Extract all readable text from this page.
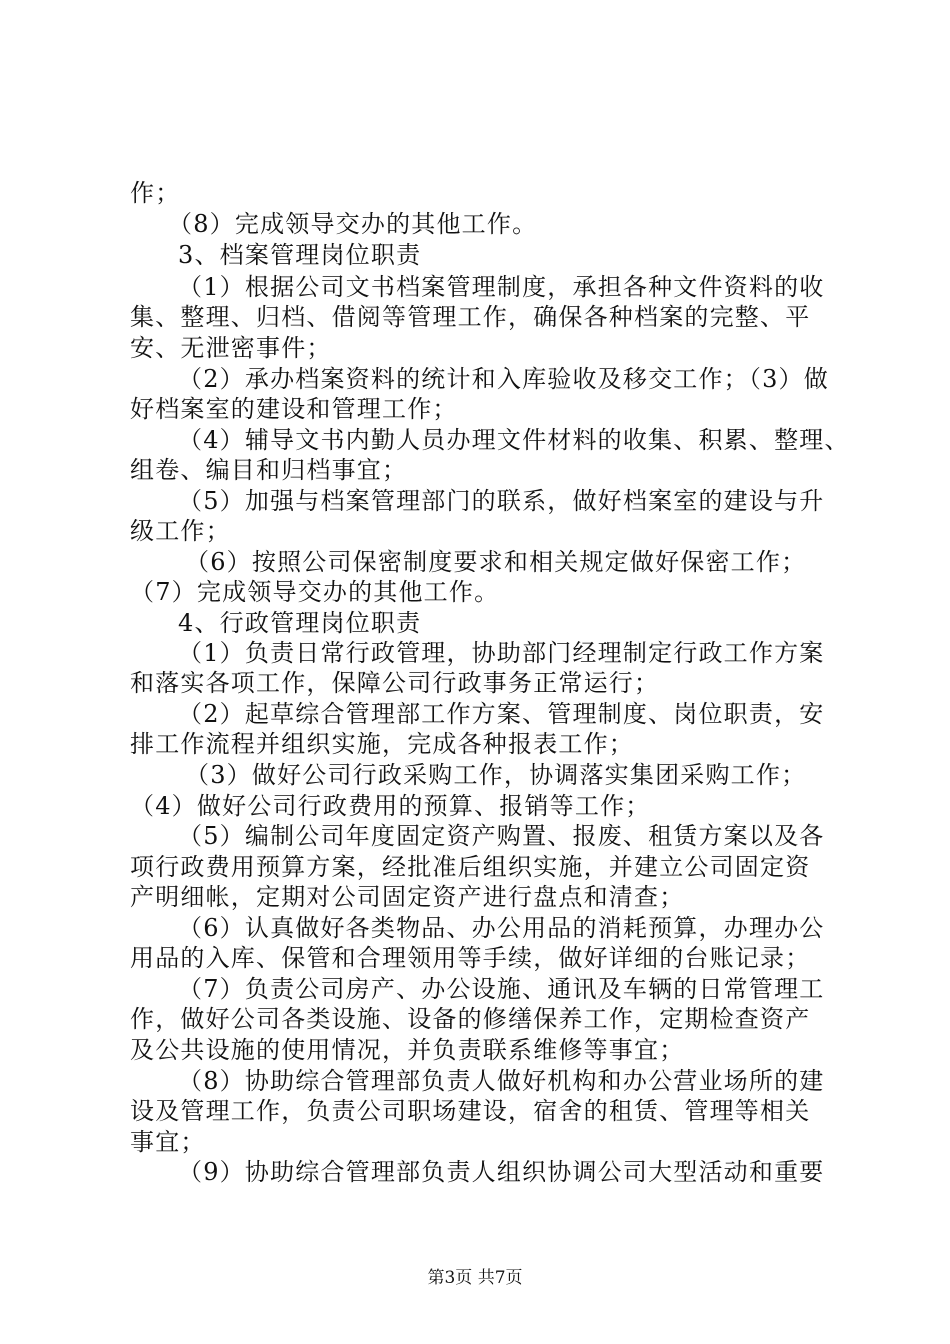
作；
（8）完成领导交办的其他工作。
3、档案管理岗位职责
（1）根据公司文书档案管理制度，承担各种文件资料的收
集、整理、归档、借阅等管理工作，确保各种档案的完整、平
安、无泄密事件；
（2）承办档案资料的统计和入库验收及移交工作；（3）做
好档案室的建设和管理工作；
（4）辅导文书内勤人员办理文件材料的收集、积累、整理、
组卷、编目和归档事宜；
（5）加强与档案管理部门的联系，做好档案室的建设与升
级工作；
（6）按照公司保密制度要求和相关规定做好保密工作；
（7）完成领导交办的其他工作。
4、行政管理岗位职责
（1）负责日常行政管理，协助部门经理制定行政工作方案
和落实各项工作，保障公司行政事务正常运行；
（2）起草综合管理部工作方案、管理制度、岗位职责，安
排工作流程并组织实施，完成各种报表工作；
（3）做好公司行政采购工作，协调落实集团采购工作；
（4）做好公司行政费用的预算、报销等工作；
（5）编制公司年度固定资产购置、报废、租赁方案以及各
项行政费用预算方案，经批准后组织实施，并建立公司固定资
产明细帐，定期对公司固定资产进行盘点和清查；
（6）认真做好各类物品、办公用品的消耗预算，办理办公
用品的入库、保管和合理领用等手续，做好详细的台账记录；
（7）负责公司房产、办公设施、通讯及车辆的日常管理工
作，做好公司各类设施、设备的修缮保养工作，定期检查资产
及公共设施的使用情况，并负责联系维修等事宜；
（8）协助综合管理部负责人做好机构和办公营业场所的建
设及管理工作，负责公司职场建设，宿舍的租赁、管理等相关
事宜；
（9）协助综合管理部负责人组织协调公司大型活动和重要
第3页 共7页
